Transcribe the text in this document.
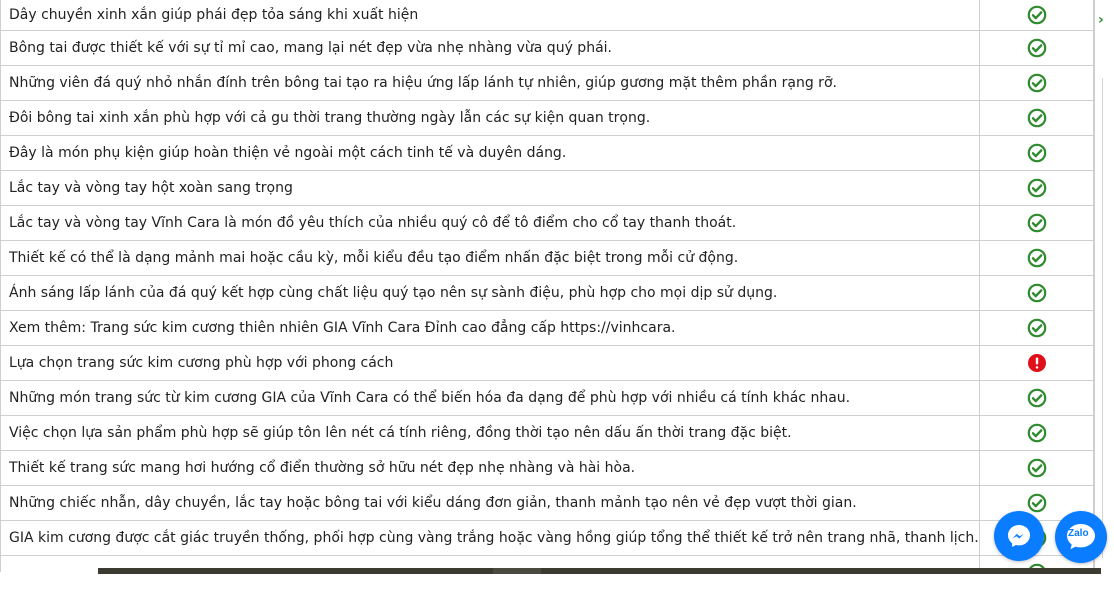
Dây chuyền xinh xắn giúp phái đẹp tỏa sáng khi xuất hiện	
Bông tai được thiết kế với sự tỉ mỉ cao, mang lại nét đẹp vừa nhẹ nhàng vừa quý phái.	
Những viên đá quý nhỏ nhắn đính trên bông tai tạo ra hiệu ứng lấp lánh tự nhiên, giúp gương mặt thêm phần rạng rỡ.	
Đôi bông tai xinh xắn phù hợp với cả gu thời trang thường ngày lẫn các sự kiện quan trọng.	
Đây là món phụ kiện giúp hoàn thiện vẻ ngoài một cách tinh tế và duyên dáng.	
Lắc tay và vòng tay hột xoàn sang trọng	
Lắc tay và vòng tay Vĩnh Cara là món đồ yêu thích của nhiều quý cô để tô điểm cho cổ tay thanh thoát.	
Thiết kế có thể là dạng mảnh mai hoặc cầu kỳ, mỗi kiểu đều tạo điểm nhấn đặc biệt trong mỗi cử động.	
Ánh sáng lấp lánh của đá quý kết hợp cùng chất liệu quý tạo nên sự sành điệu, phù hợp cho mọi dịp sử dụng.	
Xem thêm: Trang sức kim cương thiên nhiên GIA Vĩnh Cara Đỉnh cao đẳng cấp https://vinhcara.	
Lựa chọn trang sức kim cương phù hợp với phong cách	
Những món trang sức từ kim cương GIA của Vĩnh Cara có thể biến hóa đa dạng để phù hợp với nhiều cá tính khác nhau.	
Việc chọn lựa sản phẩm phù hợp sẽ giúp tôn lên nét cá tính riêng, đồng thời tạo nên dấu ấn thời trang đặc biệt.	
Thiết kế trang sức mang hơi hướng cổ điển thường sở hữu nét đẹp nhẹ nhàng và hài hòa.	
Những chiếc nhẫn, dây chuyền, lắc tay hoặc bông tai với kiểu dáng đơn giản, thanh mảnh tạo nên vẻ đẹp vượt thời gian.	
GIA kim cương được cắt giác truyền thống, phối hợp cùng vàng trắng hoặc vàng hồng giúp tổng thể thiết kế trở nên trang nhã, thanh lịch.	

›
Zalo
